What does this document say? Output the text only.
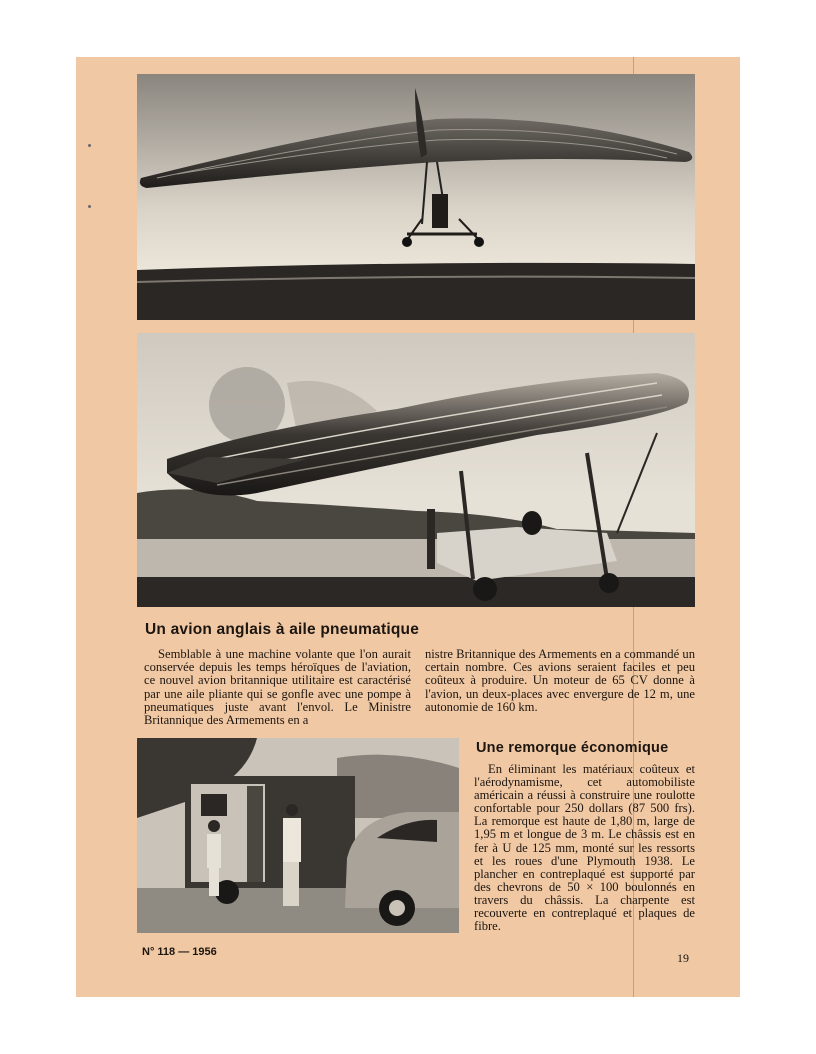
Un avion anglais à aile pneumatique

Semblable à une machine volante que l'on aurait conservée depuis les temps héroïques de l'aviation, ce nouvel avion britannique utilitaire est caractérisé par une aile pliante qui se gonfle avec une pompe à pneumatiques juste avant l'envol. Le Ministre Britannique des Armements en a

nistre Britannique des Armements en a commandé un certain nombre. Ces avions seraient faciles et peu coûteux à produire. Un moteur de 65 CV donne à l'avion, un deux-places avec envergure de 12 m, une autonomie de 160 km.

Une remorque économique

En éliminant les matériaux coûteux et l'aérodynamisme, cet automobiliste américain a réussi à construire une roulotte confortable pour 250 dollars (87 500 frs). La remorque est haute de 1,80 m, large de 1,95 m et longue de 3 m. Le châssis est en fer à U de 125 mm, monté sur les ressorts et les roues d'une Plymouth 1938. Le plancher en contreplaqué est supporté par des chevrons de 50 × 100 boulonnés en travers du châssis. La charpente est recouverte en contreplaqué et plaques de fibre.

N° 118 — 1956	19
